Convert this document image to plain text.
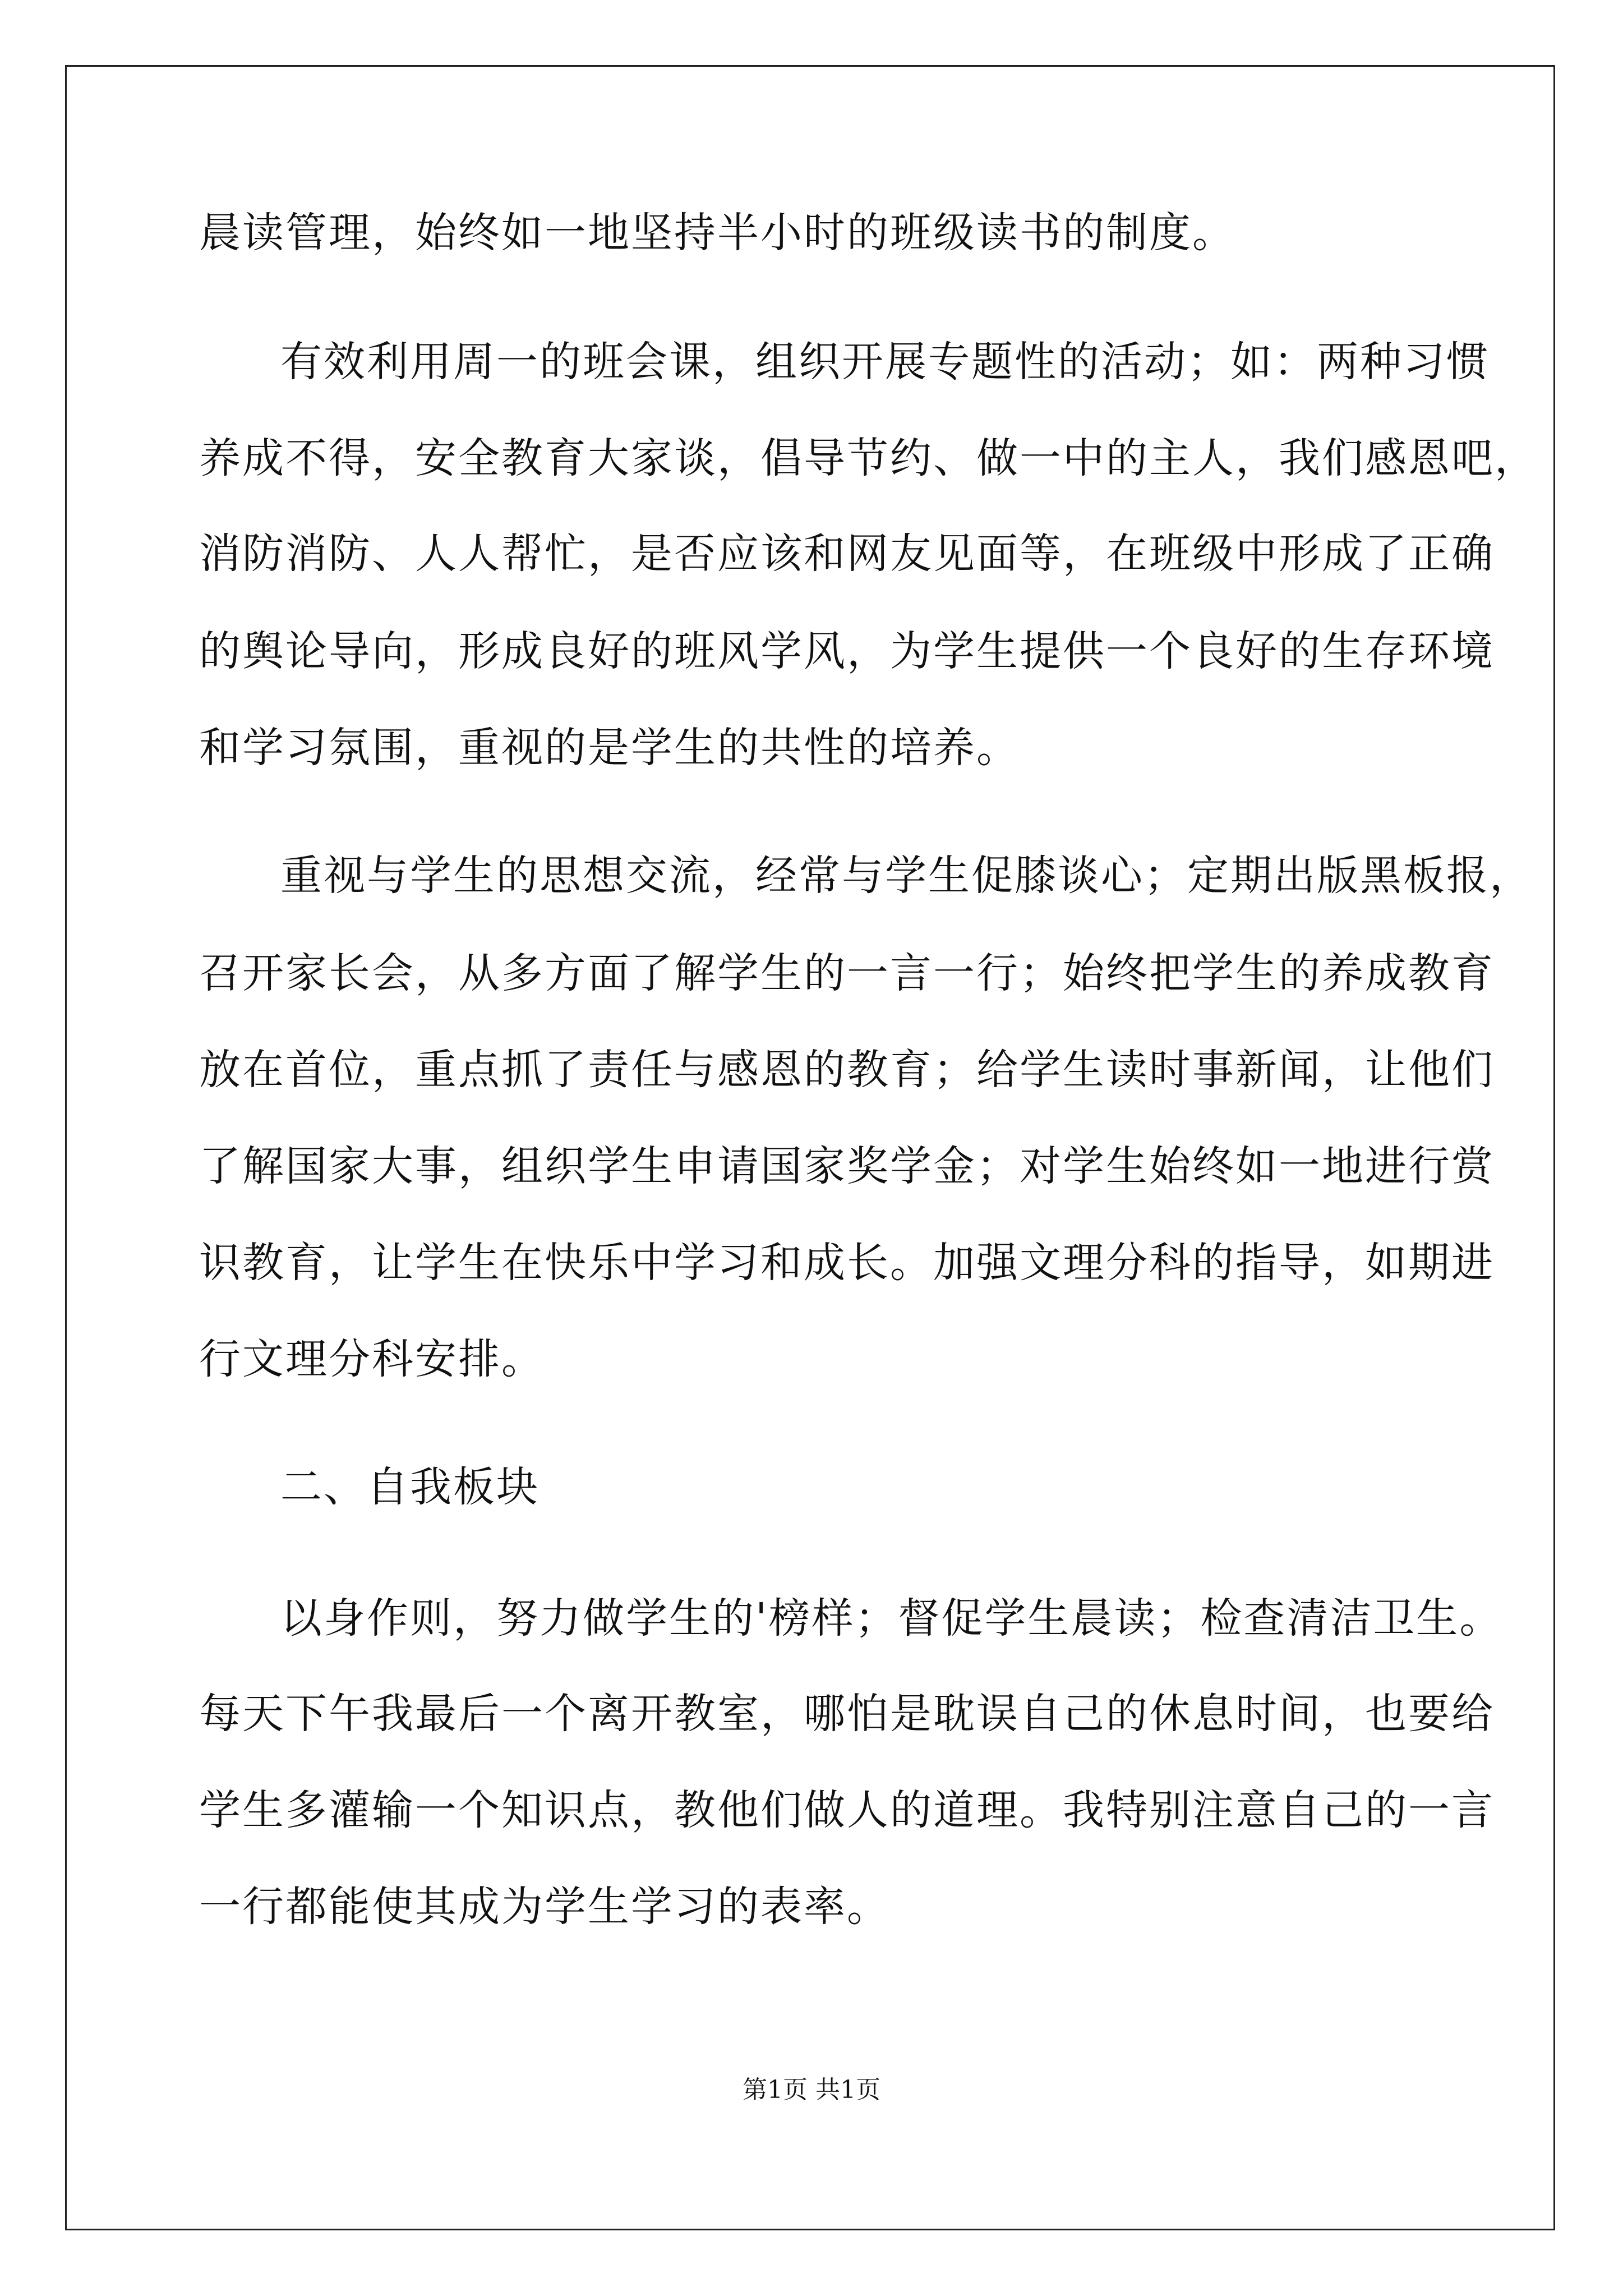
晨读管理，始终如一地坚持半小时的班级读书的制度。
有效利用周一的班会课，组织开展专题性的活动；如：两种习惯
养成不得，安全教育大家谈，倡导节约、做一中的主人，我们感恩吧，
消防消防、人人帮忙，是否应该和网友见面等，在班级中形成了正确
的舆论导向，形成良好的班风学风，为学生提供一个良好的生存环境
和学习氛围，重视的是学生的共性的培养。
重视与学生的思想交流，经常与学生促膝谈心；定期出版黑板报，
召开家长会，从多方面了解学生的一言一行；始终把学生的养成教育
放在首位，重点抓了责任与感恩的教育；给学生读时事新闻，让他们
了解国家大事，组织学生申请国家奖学金；对学生始终如一地进行赏
识教育，让学生在快乐中学习和成长。加强文理分科的指导，如期进
行文理分科安排。
二、自我板块
以身作则，努力做学生的'榜样；督促学生晨读；检查清洁卫生。
每天下午我最后一个离开教室，哪怕是耽误自己的休息时间，也要给
学生多灌输一个知识点，教他们做人的道理。我特别注意自己的一言
一行都能使其成为学生学习的表率。
第1页 共1页
